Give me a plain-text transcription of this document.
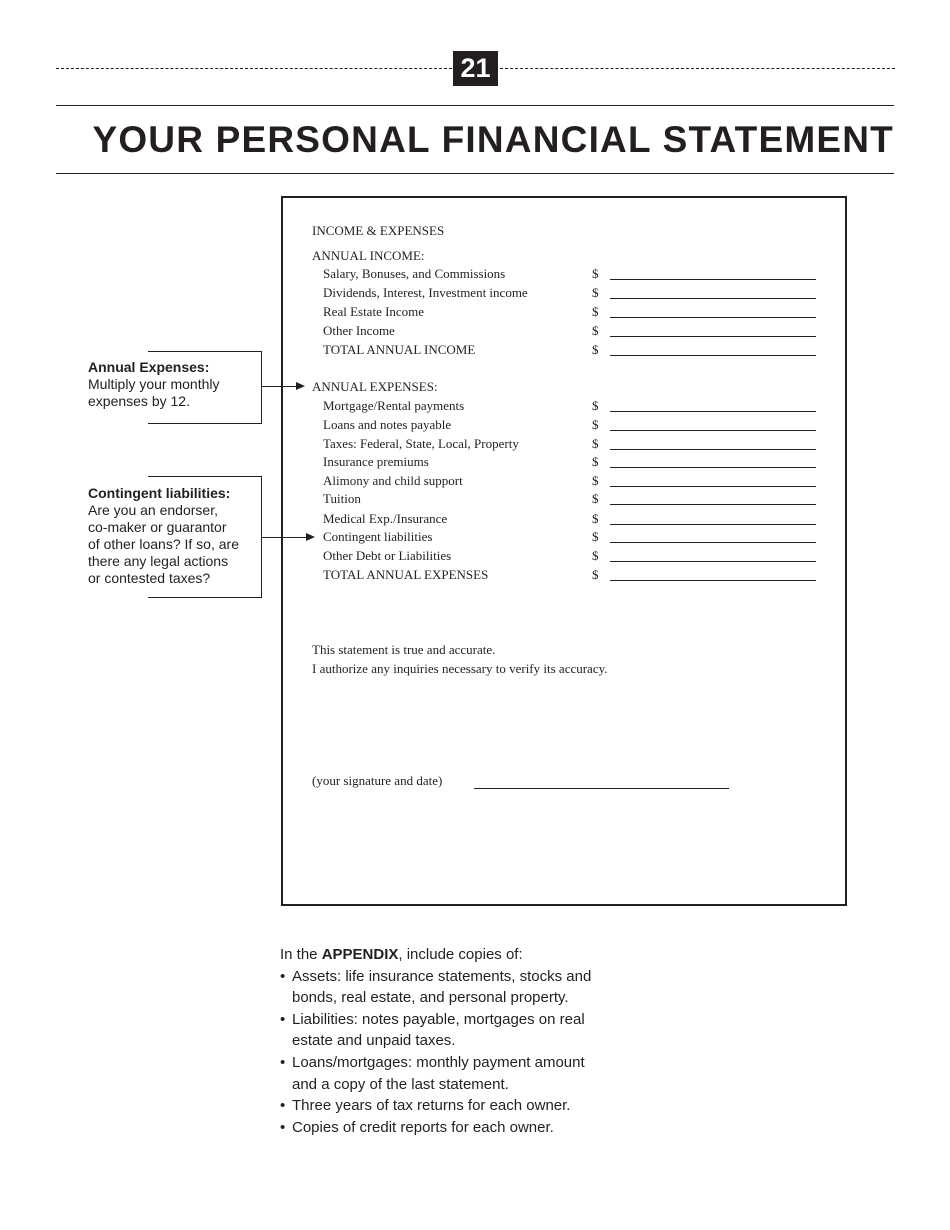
21
YOUR PERSONAL FINANCIAL STATEMENT
INCOME & EXPENSES
ANNUAL INCOME:
Salary, Bonuses, and Commissions	$
Dividends, Interest, Investment income	$
Real Estate Income	$
Other Income	$
TOTAL ANNUAL INCOME	$
ANNUAL EXPENSES:
Mortgage/Rental payments	$
Loans and notes payable	$
Taxes: Federal, State, Local, Property	$
Insurance premiums	$
Alimony and child support	$
Tuition	$
Medical Exp./Insurance	$
Contingent liabilities	$
Other Debt or Liabilities	$
TOTAL ANNUAL EXPENSES	$
This statement is true and accurate.
I authorize any inquiries necessary to verify its accuracy.
(your signature and date)
Annual Expenses:
Multiply your monthly
expenses by 12.
Contingent liabilities:
Are you an endorser,
co-maker or guarantor
of other loans? If so, are
there any legal actions
or contested taxes?
In the APPENDIX, include copies of:
• Assets: life insurance statements, stocks and
bonds, real estate, and personal property.
• Liabilities: notes payable, mortgages on real
estate and unpaid taxes.
• Loans/mortgages: monthly payment amount
and a copy of the last statement.
• Three years of tax returns for each owner.
• Copies of credit reports for each owner.
